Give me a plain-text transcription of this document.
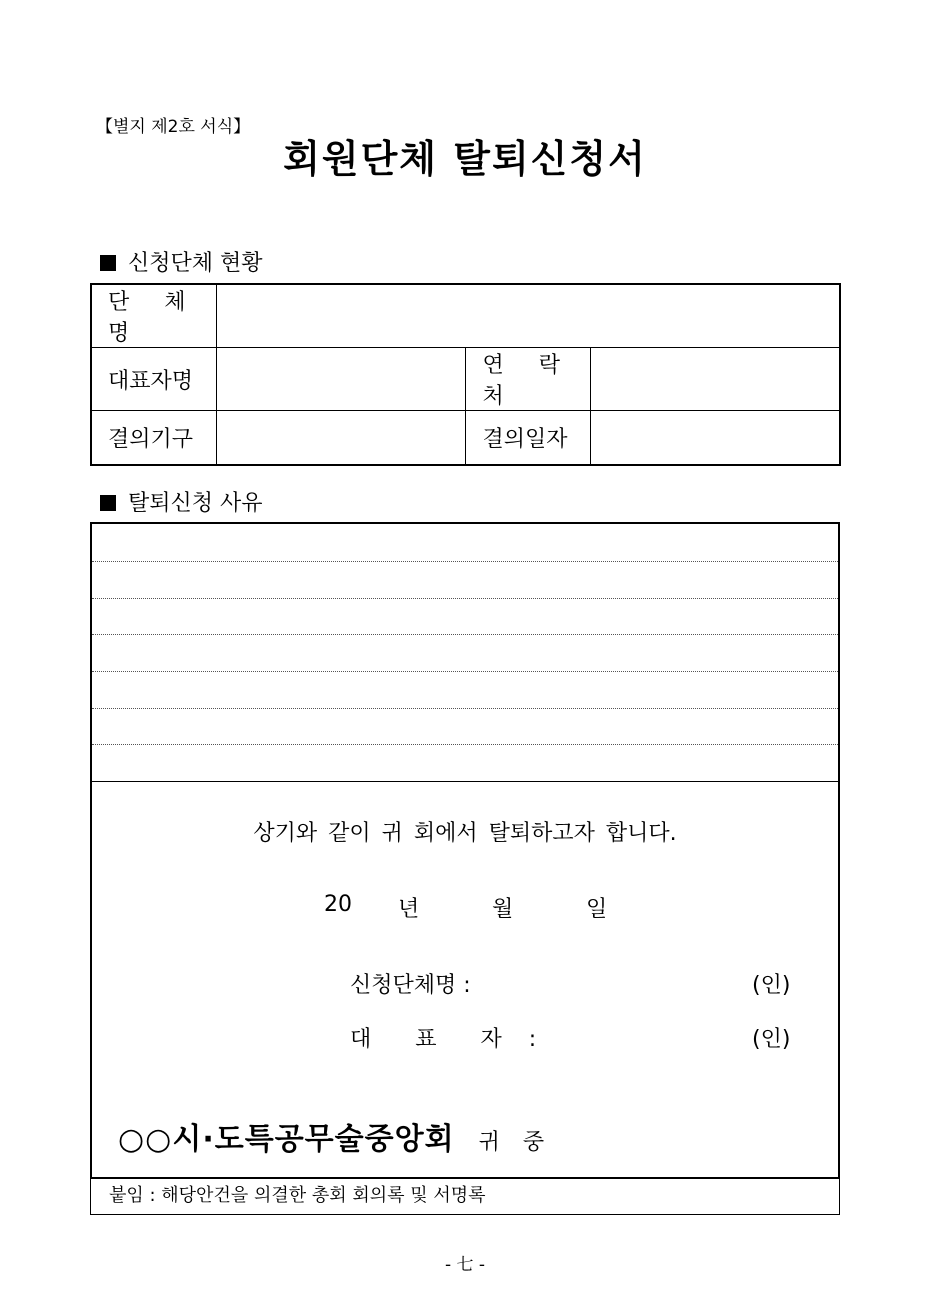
【별지 제2호 서식】
회원단체 탈퇴신청서
신청단체 현황
단 체 명			
대표자명		연 락 처	
결의기구		결의일자	
탈퇴신청 사유
상기와 같이 귀 회에서 탈퇴하고자 합니다.
20 년	월	일
신청단체명 :	(인)
대  표  자 :	(인)
○○시·도특공무술중앙회 귀 중
붙임 : 해당안건을 의결한 총회 회의록 및 서명록
- 七 -
